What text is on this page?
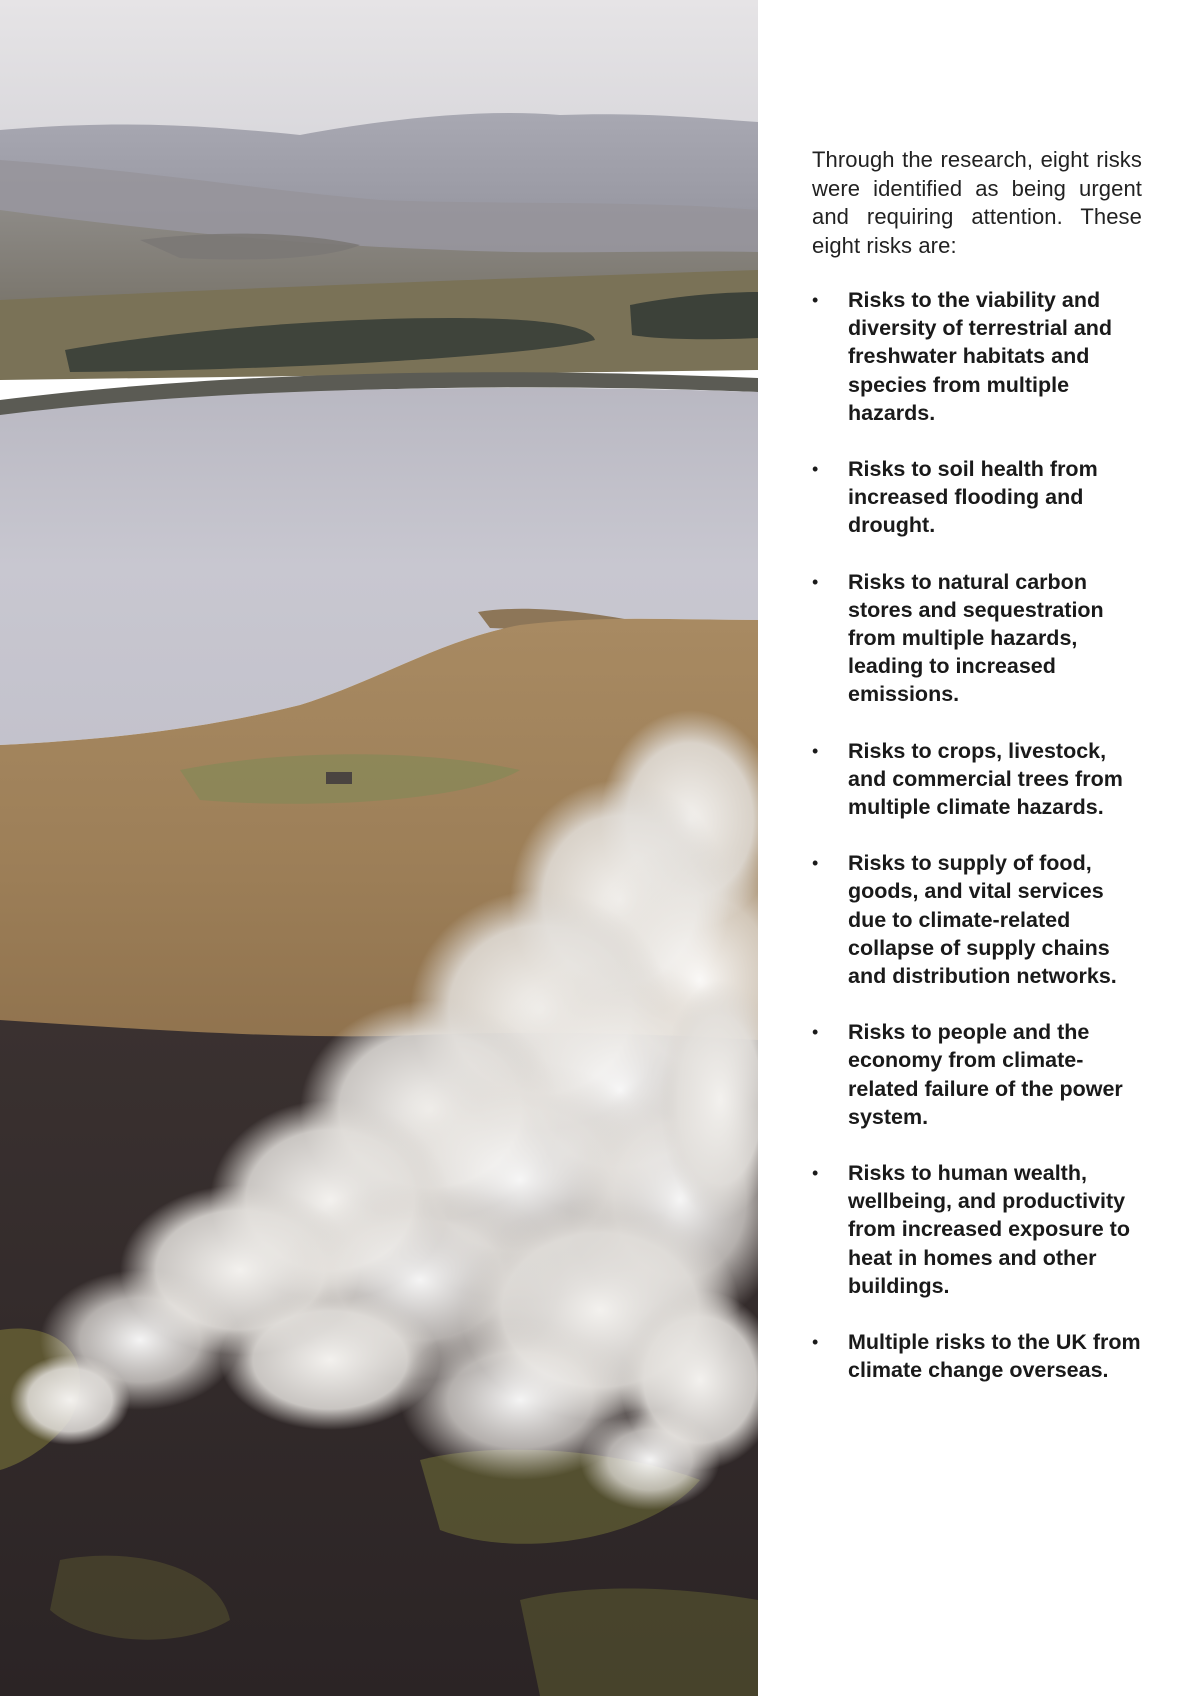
Through the research, eight risks were identified as being urgent and requiring attention. These eight risks are:

• Risks to the viability and diversity of terrestrial and freshwater habitats and species from multiple hazards.
• Risks to soil health from increased flooding and drought.
• Risks to natural carbon stores and sequestration from multiple hazards, leading to increased emissions.
• Risks to crops, livestock, and commercial trees from multiple climate hazards.
• Risks to supply of food, goods, and vital services due to climate-related collapse of supply chains and distribution networks.
• Risks to people and the economy from climate-related failure of the power system.
• Risks to human wealth, wellbeing, and productivity from increased exposure to heat in homes and other buildings.
• Multiple risks to the UK from climate change overseas.
